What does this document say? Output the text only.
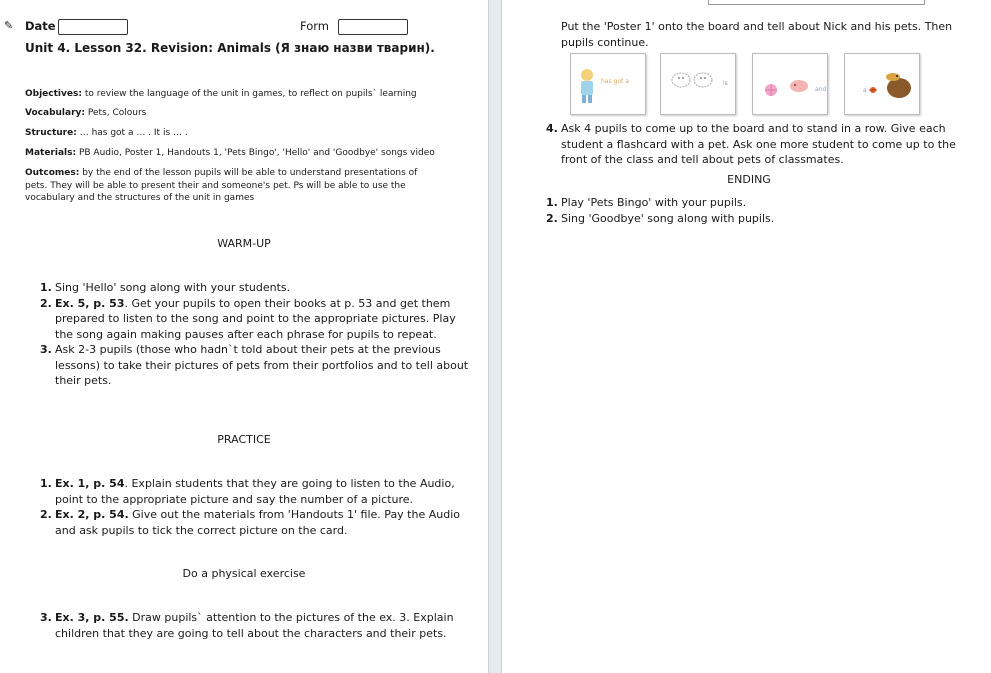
✎ Date	Form
Unit 4. Lesson 32. Revision: Animals (Я знаю назви тварин).
Objectives: to review the language of the unit in games, to reflect on pupils` learning
Vocabulary: Pets, Colours
Structure: … has got a … . It is … .
Materials: PB Audio, Poster 1, Handouts 1, 'Pets Bingo', 'Hello' and 'Goodbye' songs video
Outcomes: by the end of the lesson pupils will be able to understand presentations of
pets. They will be able to present their and someone's pet. Ps will be able to use the
vocabulary and the structures of the unit in games
WARM-UP
1. Sing 'Hello' song along with your students.
2. Ex. 5, p. 53. Get your pupils to open their books at p. 53 and get them
prepared to listen to the song and point to the appropriate pictures. Play
the song again making pauses after each phrase for pupils to repeat.
3. Ask 2-3 pupils (those who hadn`t told about their pets at the previous
lessons) to take their pictures of pets from their portfolios and to tell about
their pets.
PRACTICE
1. Ex. 1, p. 54. Explain students that they are going to listen to the Audio,
point to the appropriate picture and say the number of a picture.
2. Ex. 2, p. 54. Give out the materials from 'Handouts 1' file. Pay the Audio
and ask pupils to tick the correct picture on the card.
Do a physical exercise
3. Ex. 3, p. 55. Draw pupils` attention to the pictures of the ex. 3. Explain
children that they are going to tell about the characters and their pets.
Put the 'Poster 1' onto the board and tell about Nick and his pets. Then
pupils continue.
has got a	is
and	a
4. Ask 4 pupils to come up to the board and to stand in a row. Give each
student a flashcard with a pet. Ask one more student to come up to the
front of the class and tell about pets of classmates.
ENDING
1. Play 'Pets Bingo' with your pupils.
2. Sing 'Goodbye' song along with pupils.
